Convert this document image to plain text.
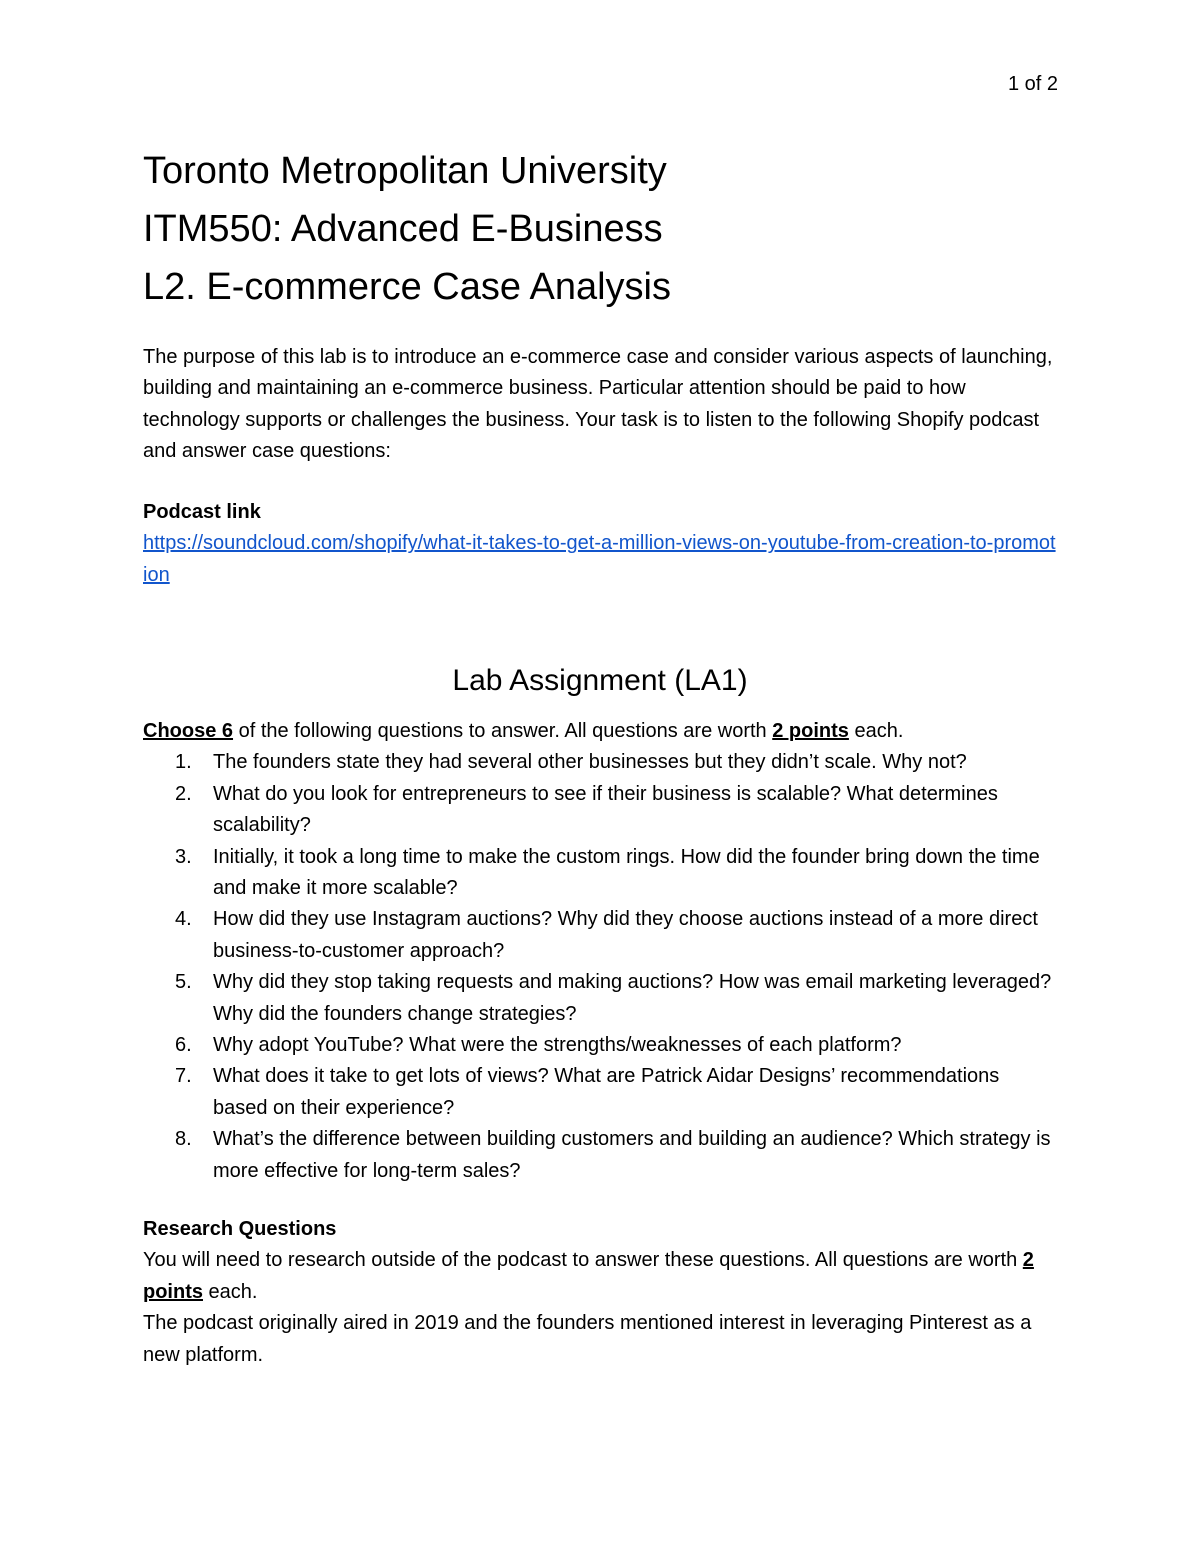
1 of 2
Toronto Metropolitan University
ITM550: Advanced E-Business
L2. E-commerce Case Analysis

The purpose of this lab is to introduce an e-commerce case and consider various aspects of launching, building and maintaining an e-commerce business. Particular attention should be paid to how technology supports or challenges the business. Your task is to listen to the following Shopify podcast and answer case questions:

Podcast link

https://soundcloud.com/shopify/what-it-takes-to-get-a-million-views-on-youtube-from-creation-to-promotion
Lab Assignment (LA1)

Choose 6 of the following questions to answer. All questions are worth 2 points each.

1. The founders state they had several other businesses but they didn’t scale. Why not?
2. What do you look for entrepreneurs to see if their business is scalable? What determines scalability?
3. Initially, it took a long time to make the custom rings. How did the founder bring down the time and make it more scalable?
4. How did they use Instagram auctions? Why did they choose auctions instead of a more direct business-to-customer approach?
5. Why did they stop taking requests and making auctions? How was email marketing leveraged? Why did the founders change strategies?
6. Why adopt YouTube? What were the strengths/weaknesses of each platform?
7. What does it take to get lots of views? What are Patrick Aidar Designs’ recommendations based on their experience?
8. What’s the difference between building customers and building an audience? Which strategy is more effective for long-term sales?

Research Questions

You will need to research outside of the podcast to answer these questions. All questions are worth 2 points each.

The podcast originally aired in 2019 and the founders mentioned interest in leveraging Pinterest as a new platform.
